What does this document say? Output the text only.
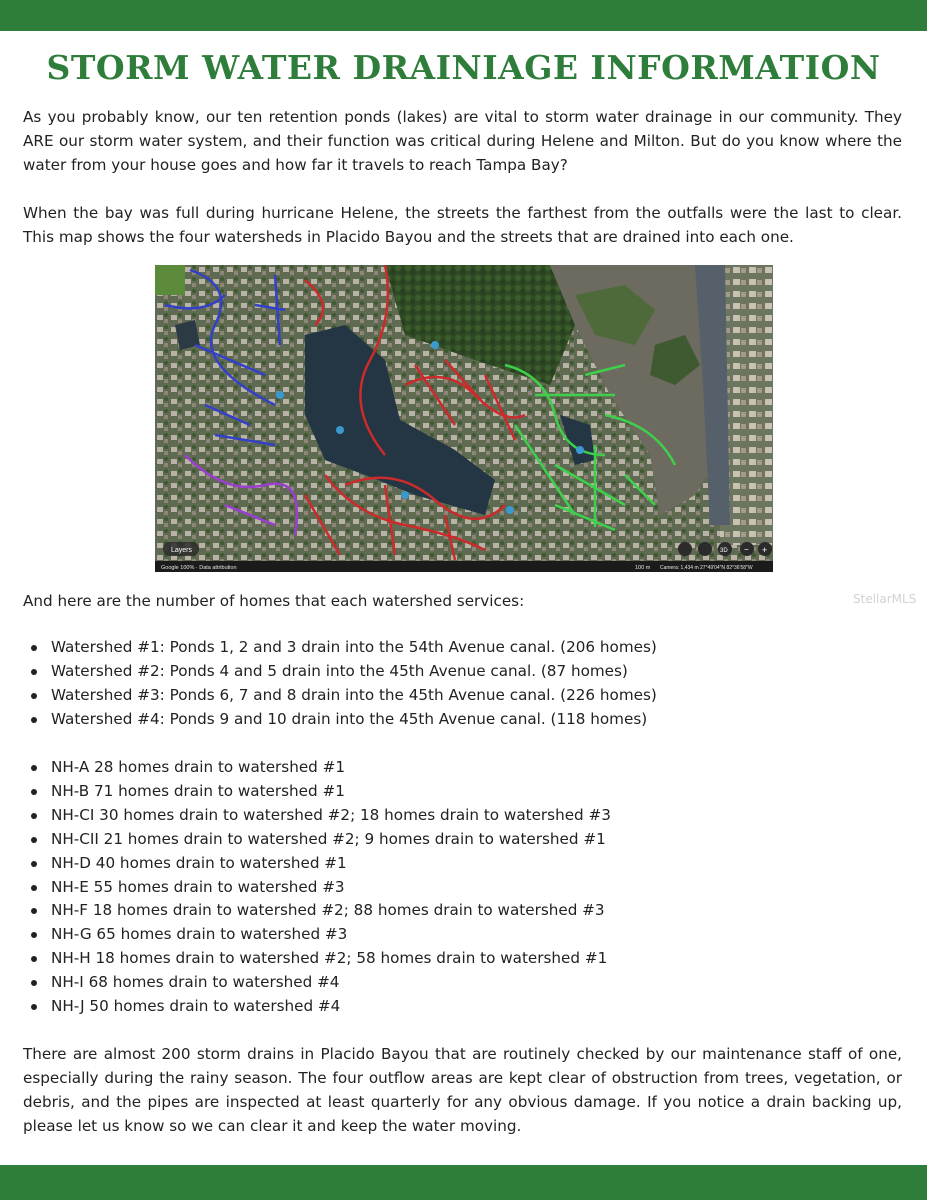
STORM WATER DRAINIAGE INFORMATION

As you probably know, our ten retention ponds (lakes) are vital to storm water drainage in our community. They ARE our storm water system, and their function was critical during Helene and Milton. But do you know where the water from your house goes and how far it travels to reach Tampa Bay?

When the bay was full during hurricane Helene, the streets the farthest from the outfalls were the last to clear. This map shows the four watersheds in Placido Bayou and the streets that are drained into each one.

Google 100% · Data attribution	100 m Camera: 1,434 m 27°49'04"N 82°36'58"W
Layers	3D − +

And here are the number of homes that each watershed services:	StellarMLS
Watershed #1: Ponds 1, 2 and 3 drain into the 54th Avenue canal. (206 homes)
Watershed #2: Ponds 4 and 5 drain into the 45th Avenue canal. (87 homes)
Watershed #3: Ponds 6, 7 and 8 drain into the 45th Avenue canal. (226 homes)
Watershed #4: Ponds 9 and 10 drain into the 45th Avenue canal. (118 homes)
NH-A 28 homes drain to watershed #1
NH-B 71 homes drain to watershed #1
NH-CI 30 homes drain to watershed #2; 18 homes drain to watershed #3
NH-CII 21 homes drain to watershed #2; 9 homes drain to watershed #1
NH-D 40 homes drain to watershed #1
NH-E 55 homes drain to watershed #3
NH-F 18 homes drain to watershed #2; 88 homes drain to watershed #3
NH-G 65 homes drain to watershed #3
NH-H 18 homes drain to watershed #2; 58 homes drain to watershed #1
NH-I 68 homes drain to watershed #4
NH-J 50 homes drain to watershed #4

There are almost 200 storm drains in Placido Bayou that are routinely checked by our maintenance staff of one, especially during the rainy season. The four outflow areas are kept clear of obstruction from trees, vegetation, or debris, and the pipes are inspected at least quarterly for any obvious damage. If you notice a drain backing up, please let us know so we can clear it and keep the water moving.
